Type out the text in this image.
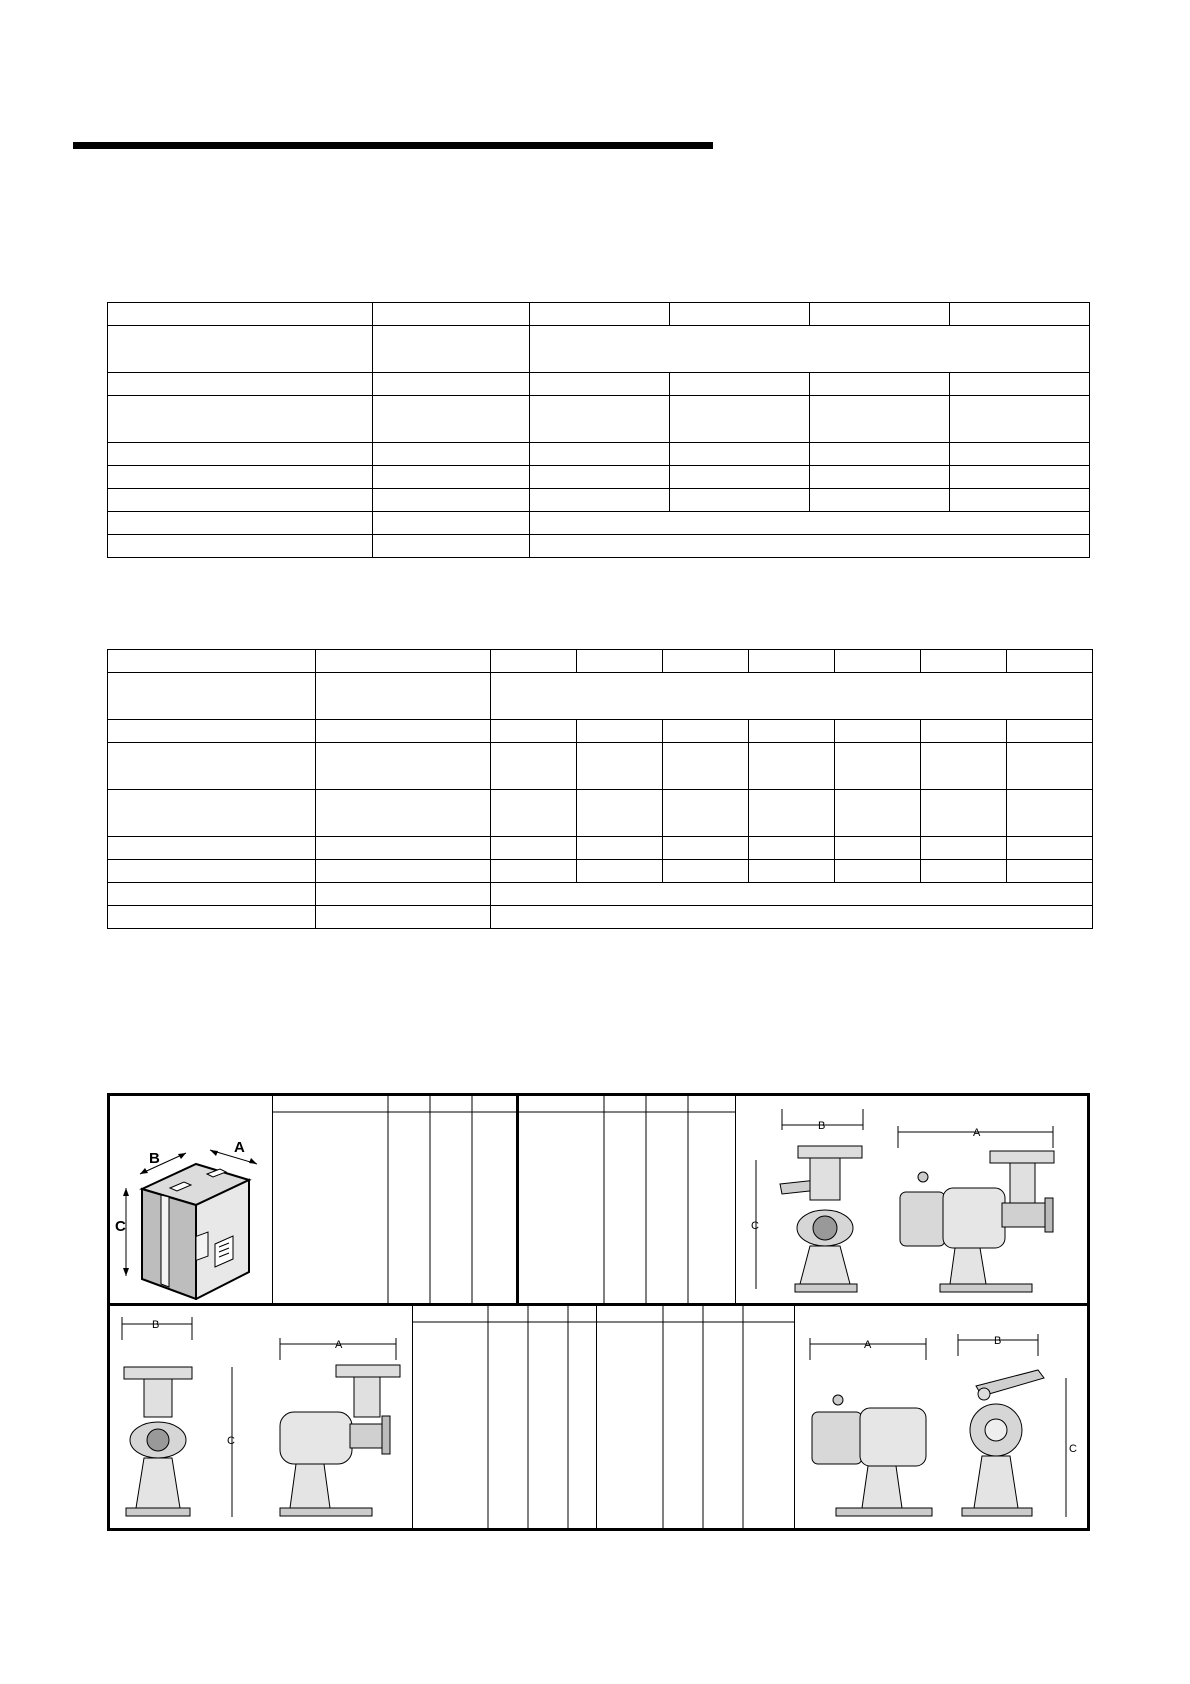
B
A
C
B
C
A
B
C
A	A	B
C
